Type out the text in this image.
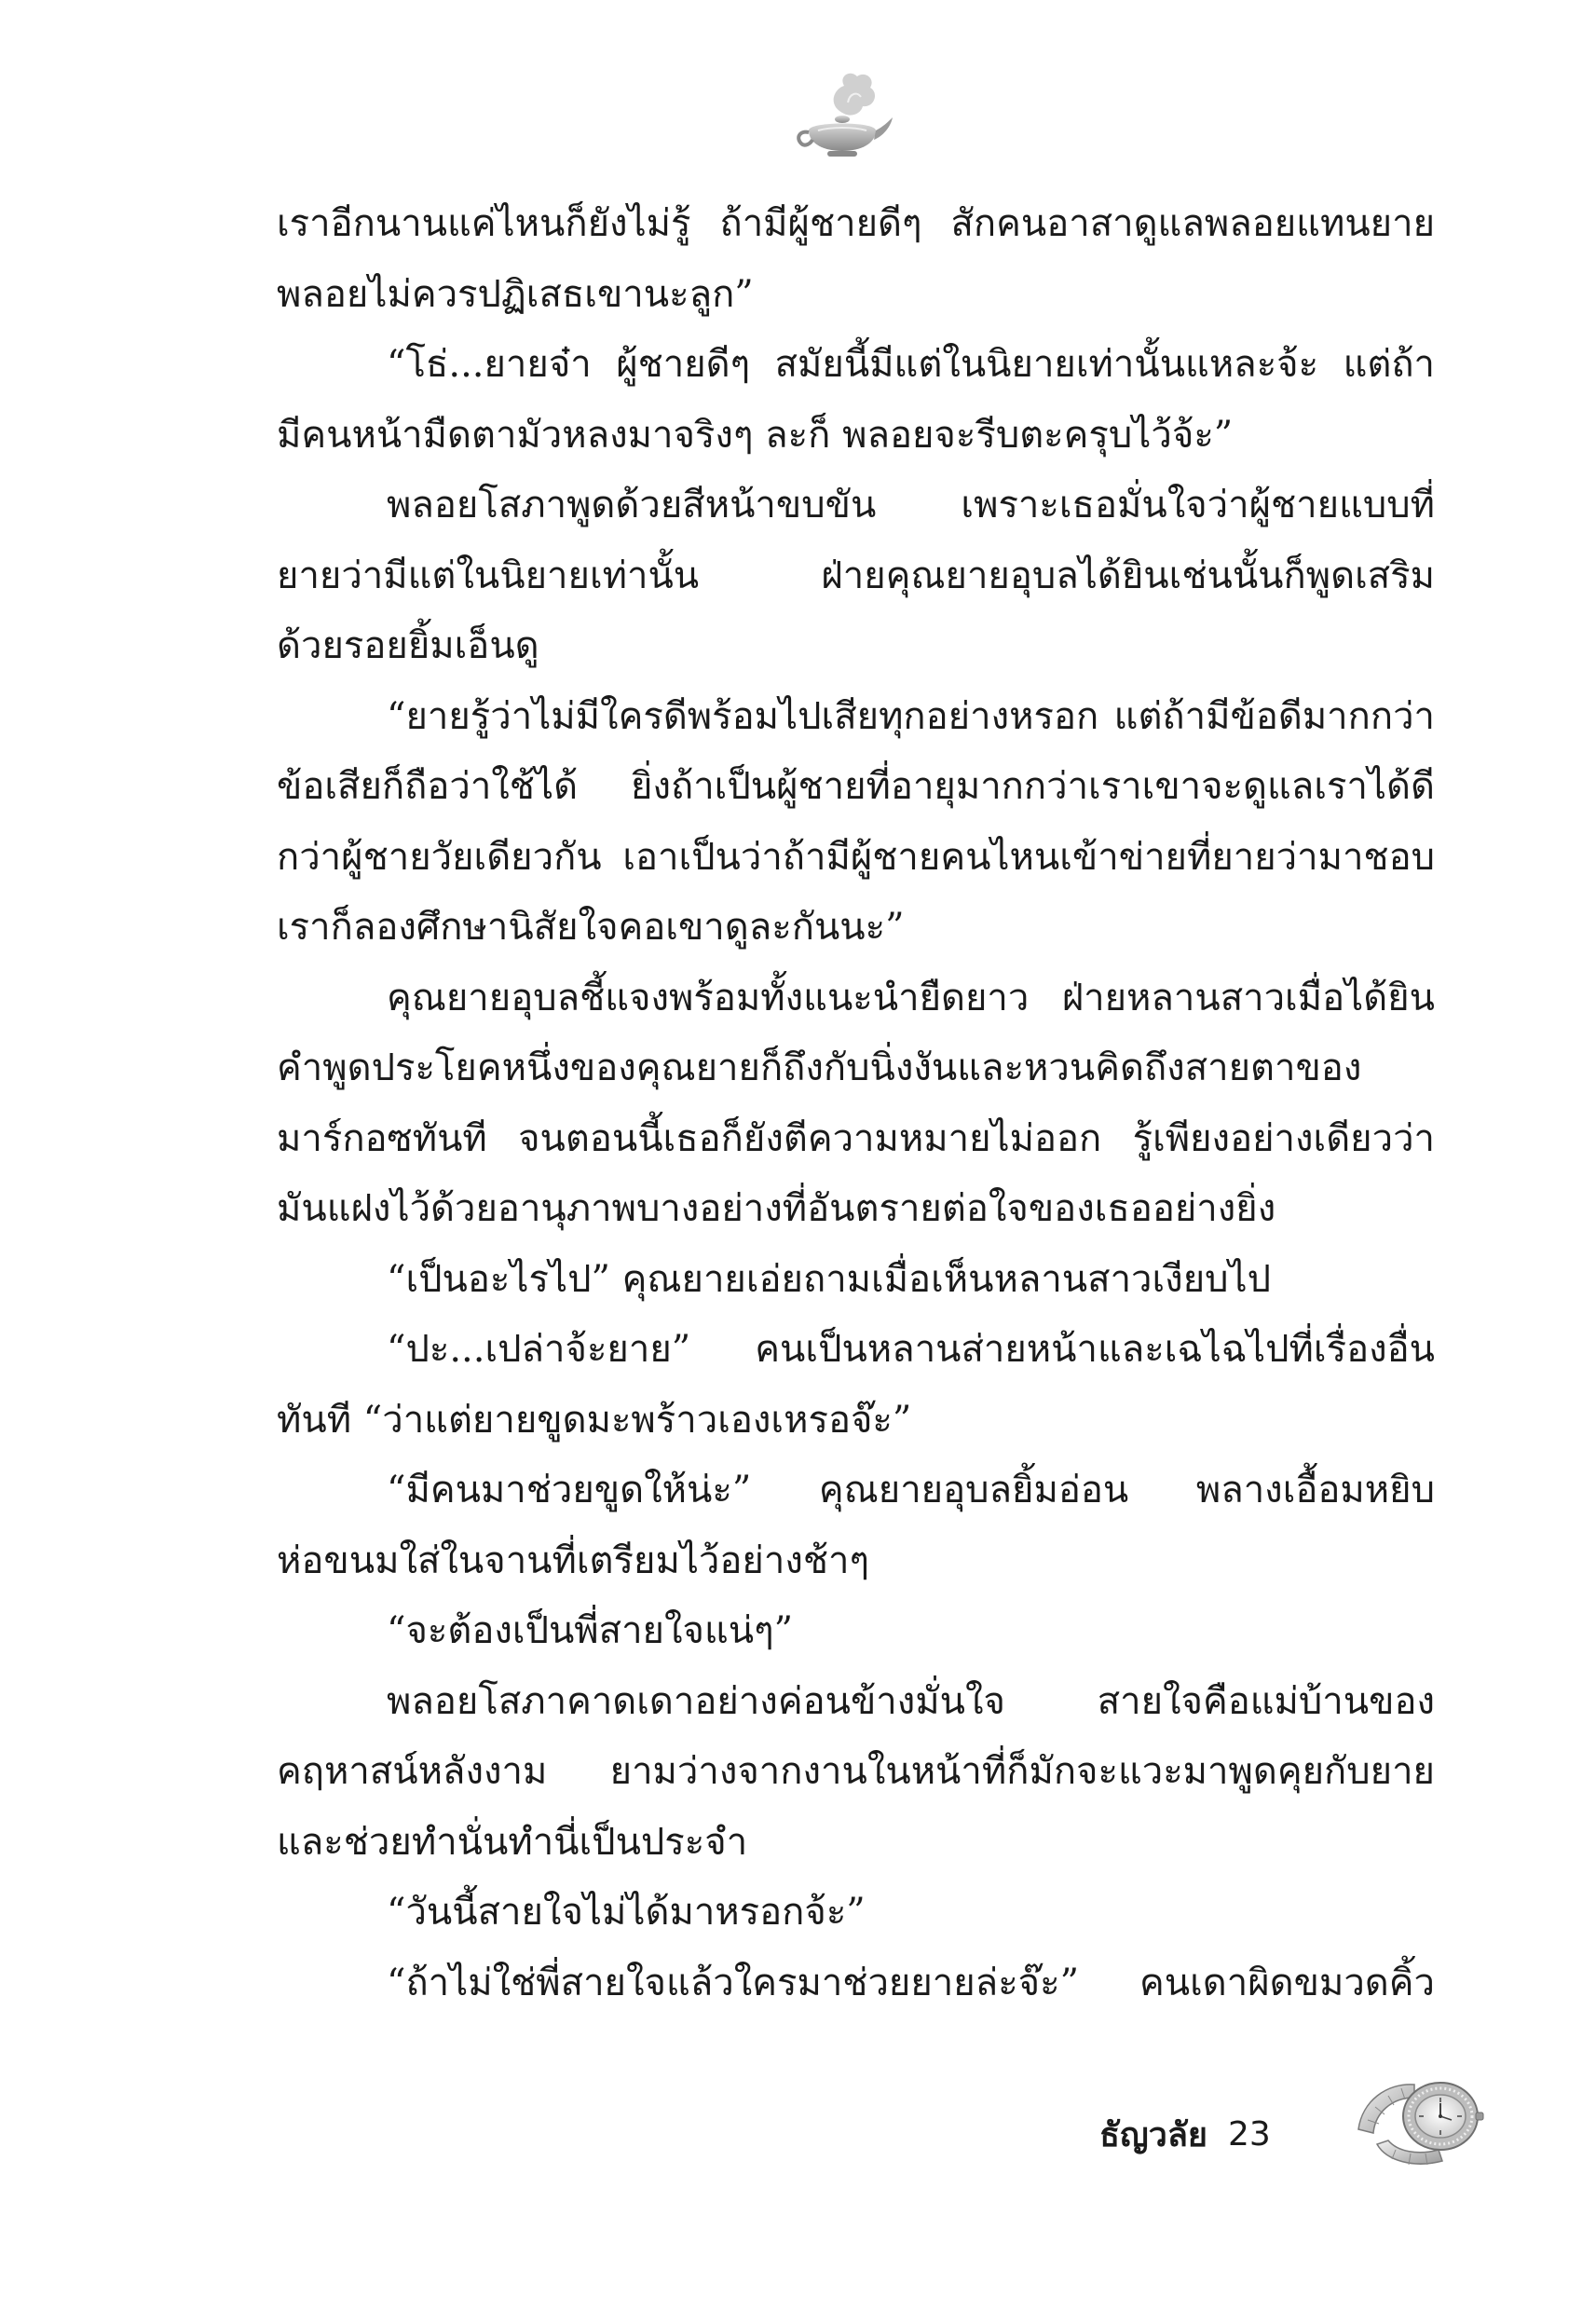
เราอีกนานแค่ไหนก็ยังไม่รู้ ถ้ามีผู้ชายดีๆ สักคนอาสาดูแลพลอยแทนยาย
พลอยไม่ควรปฏิเสธเขานะลูก”
“โธ่...ยายจ๋า ผู้ชายดีๆ สมัยนี้มีแต่ในนิยายเท่านั้นแหละจ้ะ แต่ถ้า
มีคนหน้ามืดตามัวหลงมาจริงๆ ละก็ พลอยจะรีบตะครุบไว้จ้ะ”
พลอยโสภาพูดด้วยสีหน้าขบขัน เพราะเธอมั่นใจว่าผู้ชายแบบที่
ยายว่ามีแต่ในนิยายเท่านั้น ฝ่ายคุณยายอุบลได้ยินเช่นนั้นก็พูดเสริม
ด้วยรอยยิ้มเอ็นดู
“ยายรู้ว่าไม่มีใครดีพร้อมไปเสียทุกอย่างหรอก แต่ถ้ามีข้อดีมากกว่า
ข้อเสียก็ถือว่าใช้ได้ ยิ่งถ้าเป็นผู้ชายที่อายุมากกว่าเราเขาจะดูแลเราได้ดี
กว่าผู้ชายวัยเดียวกัน เอาเป็นว่าถ้ามีผู้ชายคนไหนเข้าข่ายที่ยายว่ามาชอบ
เราก็ลองศึกษานิสัยใจคอเขาดูละกันนะ”
คุณยายอุบลชี้แจงพร้อมทั้งแนะนำยืดยาว ฝ่ายหลานสาวเมื่อได้ยิน
คำพูดประโยคหนึ่งของคุณยายก็ถึงกับนิ่งงันและหวนคิดถึงสายตาของ
มาร์กอซทันที จนตอนนี้เธอก็ยังตีความหมายไม่ออก รู้เพียงอย่างเดียวว่า
มันแฝงไว้ด้วยอานุภาพบางอย่างที่อันตรายต่อใจของเธออย่างยิ่ง
“เป็นอะไรไป” คุณยายเอ่ยถามเมื่อเห็นหลานสาวเงียบไป
“ปะ...เปล่าจ้ะยาย” คนเป็นหลานส่ายหน้าและเฉไฉไปที่เรื่องอื่น
ทันที “ว่าแต่ยายขูดมะพร้าวเองเหรอจ๊ะ”
“มีคนมาช่วยขูดให้น่ะ” คุณยายอุบลยิ้มอ่อน พลางเอื้อมหยิบ
ห่อขนมใส่ในจานที่เตรียมไว้อย่างช้าๆ
“จะต้องเป็นพี่สายใจแน่ๆ”
พลอยโสภาคาดเดาอย่างค่อนข้างมั่นใจ สายใจคือแม่บ้านของ
คฤหาสน์หลังงาม ยามว่างจากงานในหน้าที่ก็มักจะแวะมาพูดคุยกับยาย
และช่วยทำนั่นทำนี่เป็นประจำ
“วันนี้สายใจไม่ได้มาหรอกจ้ะ”
“ถ้าไม่ใช่พี่สายใจแล้วใครมาช่วยยายล่ะจ๊ะ” คนเดาผิดขมวดคิ้ว
ธัญวลัย 23
